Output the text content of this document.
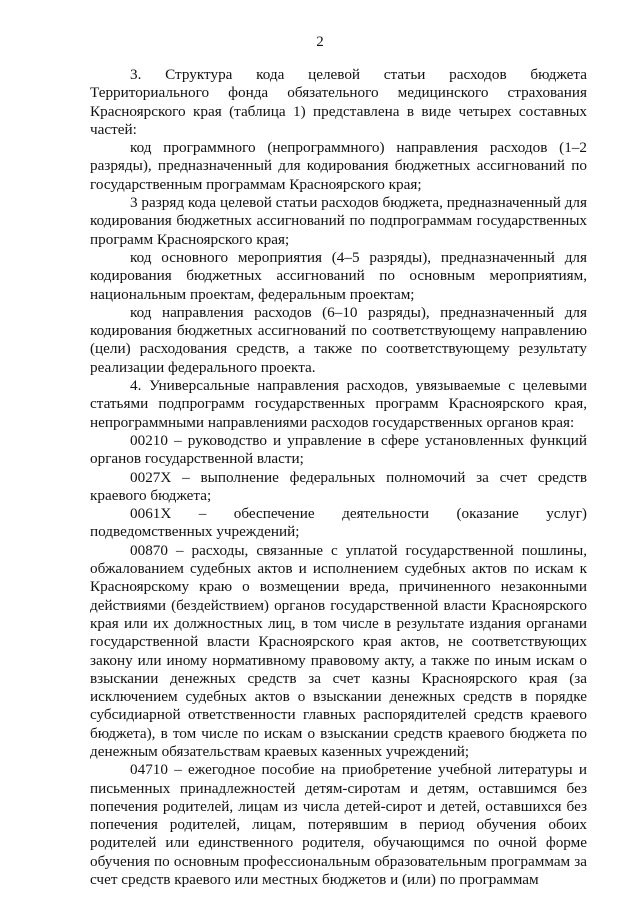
2

3. Структура кода целевой статьи расходов бюджета Территориального фонда обязательного медицинского страхования Красноярского края (таблица 1) представлена в виде четырех составных частей:

код программного (непрограммного) направления расходов (1–2 разряды), предназначенный для кодирования бюджетных ассигнований по государственным программам Красноярского края;

3 разряд кода целевой статьи расходов бюджета, предназначенный для кодирования бюджетных ассигнований по подпрограммам государственных программ Красноярского края;

код основного мероприятия (4–5 разряды), предназначенный для кодирования бюджетных ассигнований по основным мероприятиям, национальным проектам, федеральным проектам;

код направления расходов (6–10 разряды), предназначенный для кодирования бюджетных ассигнований по соответствующему направлению (цели) расходования средств, а также по соответствующему результату реализации федерального проекта.

4. Универсальные направления расходов, увязываемые с целевыми статьями подпрограмм государственных программ Красноярского края, непрограммными направлениями расходов государственных органов края:

00210 – руководство и управление в сфере установленных функций органов государственной власти;

0027Х – выполнение федеральных полномочий за счет средств краевого бюджета;

0061Х – обеспечение деятельности (оказание услуг) подведомственных учреждений;

00870 – расходы, связанные с уплатой государственной пошлины, обжалованием судебных актов и исполнением судебных актов по искам к Красноярскому краю о возмещении вреда, причиненного незаконными действиями (бездействием) органов государственной власти Красноярского края или их должностных лиц, в том числе в результате издания органами государственной власти Красноярского края актов, не соответствующих закону или иному нормативному правовому акту, а также по иным искам о взыскании денежных средств за счет казны Красноярского края (за исключением судебных актов о взыскании денежных средств в порядке субсидиарной ответственности главных распорядителей средств краевого бюджета), в том числе по искам о взыскании средств краевого бюджета по денежным обязательствам краевых казенных учреждений;

04710 – ежегодное пособие на приобретение учебной литературы и письменных принадлежностей детям-сиротам и детям, оставшимся без попечения родителей, лицам из числа детей-сирот и детей, оставшихся без попечения родителей, лицам, потерявшим в период обучения обоих родителей или единственного родителя, обучающимся по очной форме обучения по основным профессиональным образовательным программам за счет средств краевого или местных бюджетов и (или) по программам
